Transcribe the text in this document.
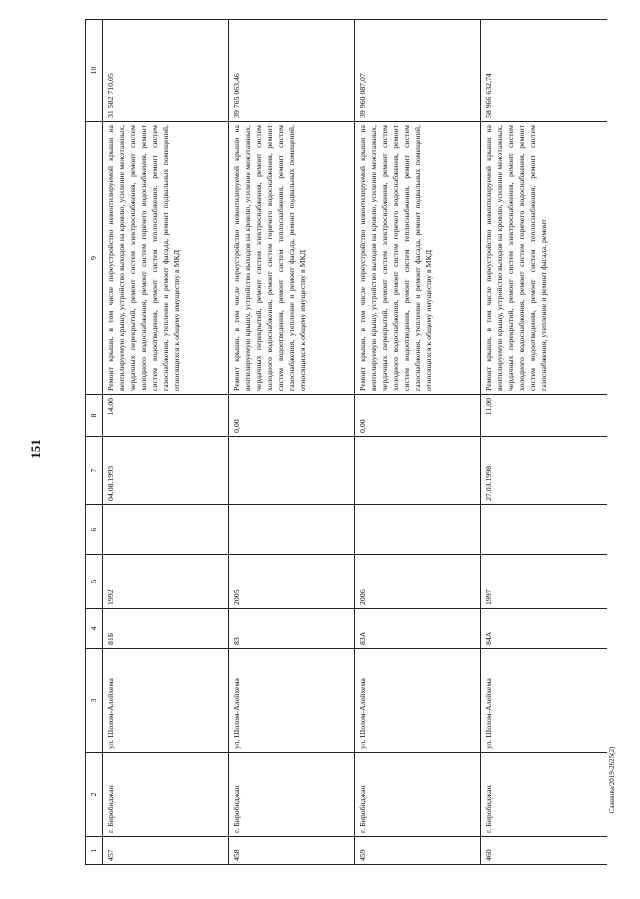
151
1	2	3	4	5	6	7	8	9	10
457	г. Биробиджан	ул. Шолом-Алейхема	81Б	1992		04.08.1993	14,00	Ремонт крыши, в том числе переустройство невентилируемой крыши на вентилируемую крышу, устройство выходов на кровлю, усиление межэтажных, чердачных перекрытий, ремонт систем электроснабжения, ремонт систем холодного водоснабжения, ремонт систем горячего водоснабжения, ремонт систем водоотведения, ремонт систем теплоснабжения, ремонт систем газоснабжения, утепление и ремонт фасада, ремонт подвальных помещений, относящихся к общему имуществу в МКД	31 582 710,05
458	г. Биробиджан	ул. Шолом-Алейхема	83	2005			0,00	Ремонт крыши, в том числе переустройство невентилируемой крыши на вентилируемую крышу, устройство выходов на кровлю, усиление межэтажных, чердачных перекрытий, ремонт систем электроснабжения, ремонт систем холодного водоснабжения, ремонт систем горячего водоснабжения, ремонт систем водоотведения, ремонт систем теплоснабжения, ремонт систем газоснабжения, утепление и ремонт фасада, ремонт подвальных помещений, относящихся к общему имуществу в МКД	39 765 063,46
459	г. Биробиджан	ул. Шолом-Алейхема	83А	2006			0,00	Ремонт крыши, в том числе переустройство невентилируемой крыши на вентилируемую крышу, устройство выходов на кровлю, усиление межэтажных, чердачных перекрытий, ремонт систем электроснабжения, ремонт систем холодного водоснабжения, ремонт систем горячего водоснабжения, ремонт систем водоотведения, ремонт систем теплоснабжения, ремонт систем газоснабжения, утепление и ремонт фасада, ремонт подвальных помещений, относящихся к общему имуществу в МКД	39 960 087,07
460	г. Биробиджан	ул. Шолом-Алейхема	84А	1997		27.03.1998	11,00	Ремонт крыши, в том числе переустройство невентилируемой крыши на вентилируемую крышу, устройство выходов на кровлю, усиление межэтажных, чердачных перекрытий, ремонт систем электроснабжения, ремонт систем холодного водоснабжения, ремонт систем горячего водоснабжения, ремонт систем водоотведения, ремонт систем теплоснабжения, ремонт систем газоснабжения, утепление и ремонт фасада, ремонт	58 966 632,74
Сажнова/2019-2625(2)
